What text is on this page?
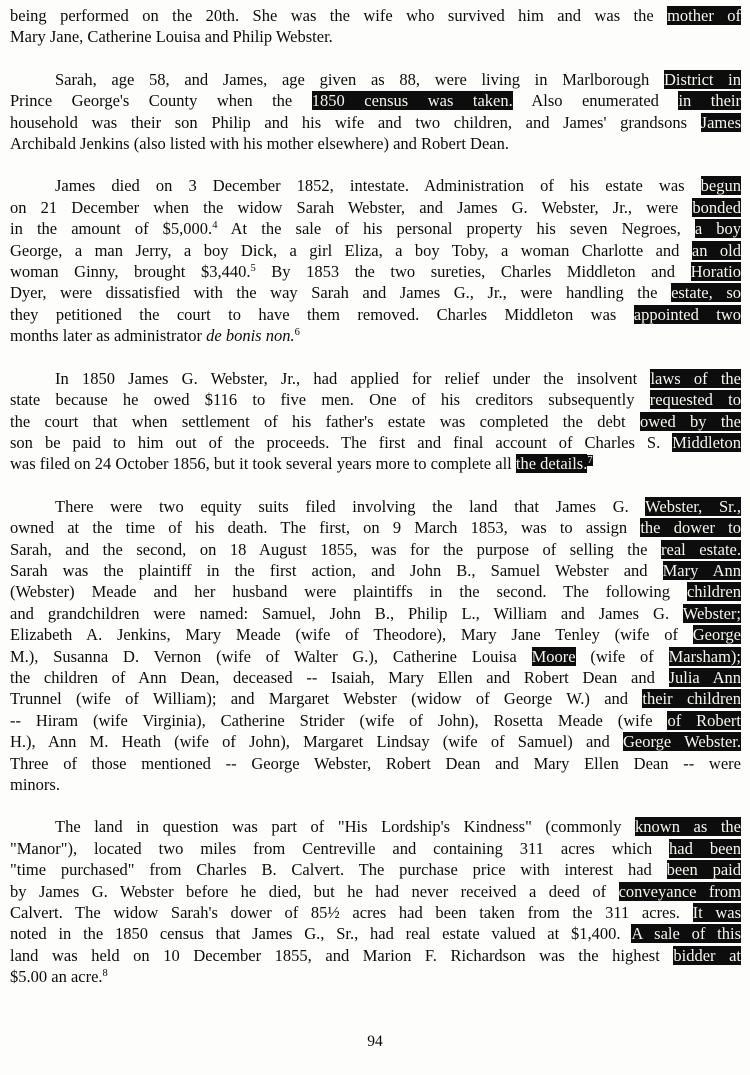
being performed on the 20th. She was the wife who survived him and was the mother of
Mary Jane, Catherine Louisa and Philip Webster.
Sarah, age 58, and James, age given as 88, were living in Marlborough District in
Prince George's County when the 1850 census was taken. Also enumerated in their
household was their son Philip and his wife and two children, and James' grandsons James
Archibald Jenkins (also listed with his mother elsewhere) and Robert Dean.
James died on 3 December 1852, intestate. Administration of his estate was begun
on 21 December when the widow Sarah Webster, and James G. Webster, Jr., were bonded
in the amount of $5,000.$^4$ At the sale of his personal property his seven Negroes, a boy
George, a man Jerry, a boy Dick, a girl Eliza, a boy Toby, a woman Charlotte and an old
woman Ginny, brought $3,440.$^5$ By 1853 the two sureties, Charles Middleton and Horatio
Dyer, were dissatisfied with the way Sarah and James G., Jr., were handling the estate, so
they petitioned the court to have them removed. Charles Middleton was appointed two
months later as administrator de bonis non.$^6$
In 1850 James G. Webster, Jr., had applied for relief under the insolvent laws of the
state because he owed $116 to five men. One of his creditors subsequently requested to
the court that when settlement of his father's estate was completed the debt owed by the
son be paid to him out of the proceeds. The first and final account of Charles S. Middleton
was filed on 24 October 1856, but it took several years more to complete all the details.$^7$
There were two equity suits filed involving the land that James G. Webster, Sr.,
owned at the time of his death. The first, on 9 March 1853, was to assign the dower to
Sarah, and the second, on 18 August 1855, was for the purpose of selling the real estate.
Sarah was the plaintiff in the first action, and John B., Samuel Webster and Mary Ann
(Webster) Meade and her husband were plaintiffs in the second. The following children
and grandchildren were named: Samuel, John B., Philip L., William and James G. Webster;
Elizabeth A. Jenkins, Mary Meade (wife of Theodore), Mary Jane Tenley (wife of George
M.), Susanna D. Vernon (wife of Walter G.), Catherine Louisa Moore (wife of Marsham);
the children of Ann Dean, deceased -- Isaiah, Mary Ellen and Robert Dean and Julia Ann
Trunnel (wife of William); and Margaret Webster (widow of George W.) and their children
-- Hiram (wife Virginia), Catherine Strider (wife of John), Rosetta Meade (wife of Robert
H.), Ann M. Heath (wife of John), Margaret Lindsay (wife of Samuel) and George Webster.
Three of those mentioned -- George Webster, Robert Dean and Mary Ellen Dean -- were
minors.
The land in question was part of "His Lordship's Kindness" (commonly known as the
"Manor"), located two miles from Centreville and containing 311 acres which had been
"time purchased" from Charles B. Calvert. The purchase price with interest had been paid
by James G. Webster before he died, but he had never received a deed of conveyance from
Calvert. The widow Sarah's dower of 85½ acres had been taken from the 311 acres. It was
noted in the 1850 census that James G., Sr., had real estate valued at $1,400. A sale of this
land was held on 10 December 1855, and Marion F. Richardson was the highest bidder at
$5.00 an acre.$^8$
94
